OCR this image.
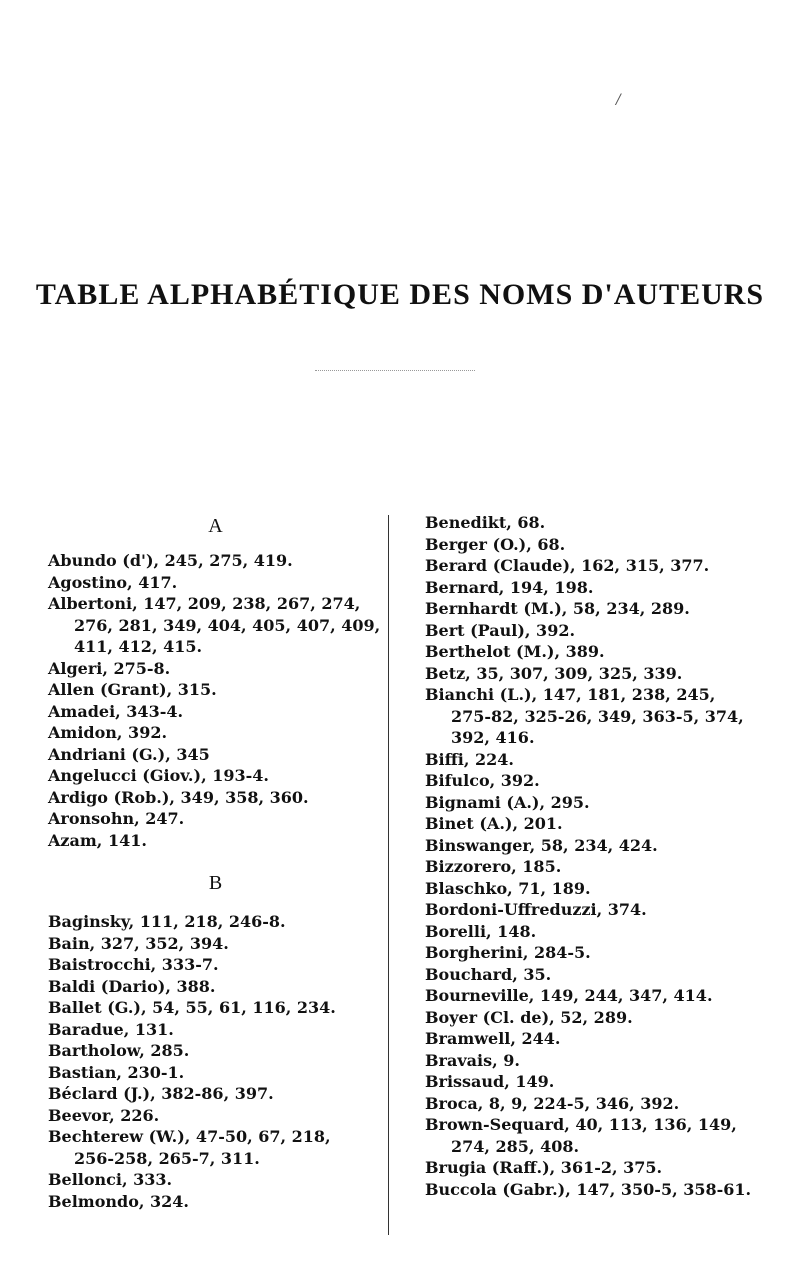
/
TABLE ALPHABÉTIQUE DES NOMS D'AUTEURS
A
Abundo (d'), 245, 275, 419.
Agostino, 417.
Albertoni, 147, 209, 238, 267, 274,
276, 281, 349, 404, 405, 407, 409,
411, 412, 415.
Algeri, 275-8.
Allen (Grant), 315.
Amadei, 343-4.
Amidon, 392.
Andriani (G.), 345
Angelucci (Giov.), 193-4.
Ardigo (Rob.), 349, 358, 360.
Aronsohn, 247.
Azam, 141.
B
Baginsky, 111, 218, 246-8.
Bain, 327, 352, 394.
Baistrocchi, 333-7.
Baldi (Dario), 388.
Ballet (G.), 54, 55, 61, 116, 234.
Baradue, 131.
Bartholow, 285.
Bastian, 230-1.
Béclard (J.), 382-86, 397.
Beevor, 226.
Bechterew (W.), 47-50, 67, 218,
256-258, 265-7, 311.
Bellonci, 333.
Belmondo, 324.
Benedikt, 68.
Berger (O.), 68.
Berard (Claude), 162, 315, 377.
Bernard, 194, 198.
Bernhardt (M.), 58, 234, 289.
Bert (Paul), 392.
Berthelot (M.), 389.
Betz, 35, 307, 309, 325, 339.
Bianchi (L.), 147, 181, 238, 245,
275-82, 325-26, 349, 363-5, 374,
392, 416.
Biffi, 224.
Bifulco, 392.
Bignami (A.), 295.
Binet (A.), 201.
Binswanger, 58, 234, 424.
Bizzorero, 185.
Blaschko, 71, 189.
Bordoni-Uffreduzzi, 374.
Borelli, 148.
Borgherini, 284-5.
Bouchard, 35.
Bourneville, 149, 244, 347, 414.
Boyer (Cl. de), 52, 289.
Bramwell, 244.
Bravais, 9.
Brissaud, 149.
Broca, 8, 9, 224-5, 346, 392.
Brown-Sequard, 40, 113, 136, 149,
274, 285, 408.
Brugia (Raff.), 361-2, 375.
Buccola (Gabr.), 147, 350-5, 358-61.
